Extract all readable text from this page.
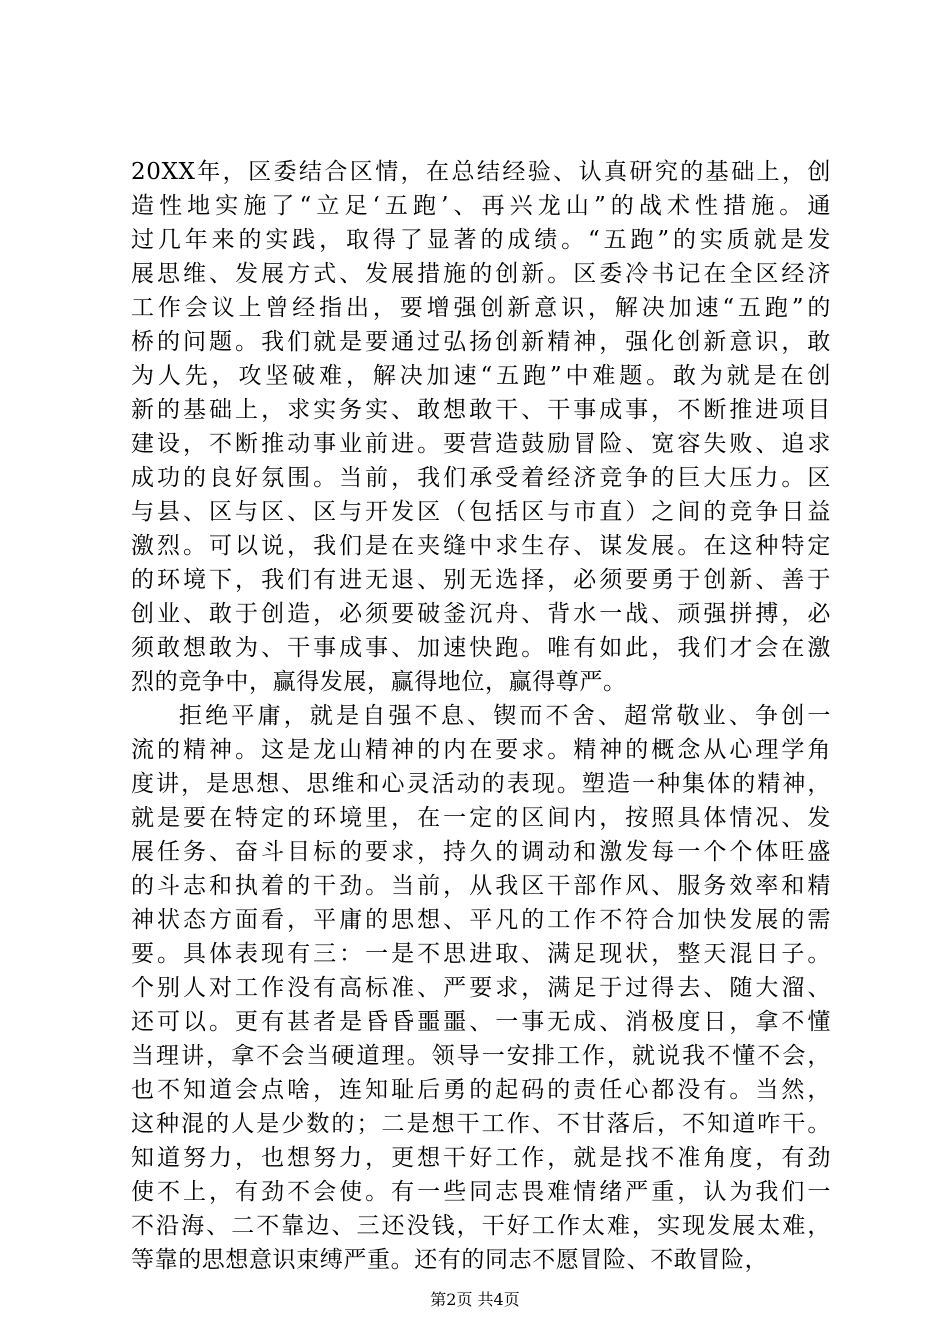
20XX年，区委结合区情，在总结经验、认真研究的基础上，创
造性地实施了“立足‘五跑’、再兴龙山”的战术性措施。通
过几年来的实践，取得了显著的成绩。“五跑”的实质就是发
展思维、发展方式、发展措施的创新。区委冷书记在全区经济
工作会议上曾经指出，要增强创新意识，解决加速“五跑”的
桥的问题。我们就是要通过弘扬创新精神，强化创新意识，敢
为人先，攻坚破难，解决加速“五跑”中难题。敢为就是在创
新的基础上，求实务实、敢想敢干、干事成事，不断推进项目
建设，不断推动事业前进。要营造鼓励冒险、宽容失败、追求
成功的良好氛围。当前，我们承受着经济竞争的巨大压力。区
与县、区与区、区与开发区（包括区与市直）之间的竞争日益
激烈。可以说，我们是在夹缝中求生存、谋发展。在这种特定
的环境下，我们有进无退、别无选择，必须要勇于创新、善于
创业、敢于创造，必须要破釜沉舟、背水一战、顽强拼搏，必
须敢想敢为、干事成事、加速快跑。唯有如此，我们才会在激
烈的竞争中，赢得发展，赢得地位，赢得尊严。
拒绝平庸，就是自强不息、锲而不舍、超常敬业、争创一
流的精神。这是龙山精神的内在要求。精神的概念从心理学角
度讲，是思想、思维和心灵活动的表现。塑造一种集体的精神，
就是要在特定的环境里，在一定的区间内，按照具体情况、发
展任务、奋斗目标的要求，持久的调动和激发每一个个体旺盛
的斗志和执着的干劲。当前，从我区干部作风、服务效率和精
神状态方面看，平庸的思想、平凡的工作不符合加快发展的需
要。具体表现有三：一是不思进取、满足现状，整天混日子。
个别人对工作没有高标准、严要求，满足于过得去、随大溜、
还可以。更有甚者是昏昏噩噩、一事无成、消极度日，拿不懂
当理讲，拿不会当硬道理。领导一安排工作，就说我不懂不会，
也不知道会点啥，连知耻后勇的起码的责任心都没有。当然，
这种混的人是少数的；二是想干工作、不甘落后，不知道咋干。
知道努力，也想努力，更想干好工作，就是找不准角度，有劲
使不上，有劲不会使。有一些同志畏难情绪严重，认为我们一
不沿海、二不靠边、三还没钱，干好工作太难，实现发展太难，
等靠的思想意识束缚严重。还有的同志不愿冒险、不敢冒险，
第2页 共4页
